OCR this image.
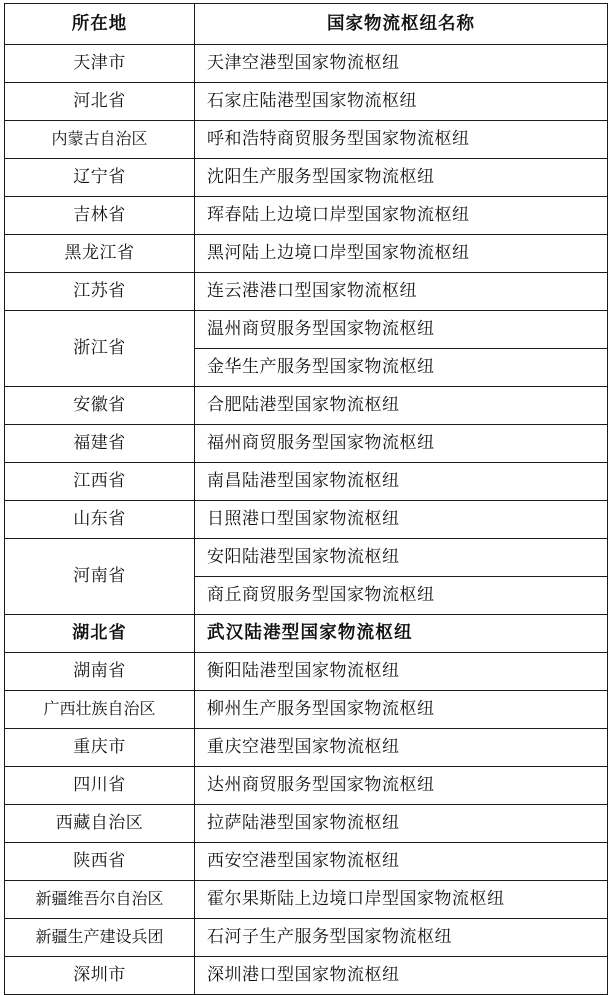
所在地	国家物流枢纽名称
天津市	天津空港型国家物流枢纽
河北省	石家庄陆港型国家物流枢纽
内蒙古自治区	呼和浩特商贸服务型国家物流枢纽
辽宁省	沈阳生产服务型国家物流枢纽
吉林省	珲春陆上边境口岸型国家物流枢纽
黑龙江省	黑河陆上边境口岸型国家物流枢纽
江苏省	连云港港口型国家物流枢纽
浙江省	温州商贸服务型国家物流枢纽
	金华生产服务型国家物流枢纽
安徽省	合肥陆港型国家物流枢纽
福建省	福州商贸服务型国家物流枢纽
江西省	南昌陆港型国家物流枢纽
山东省	日照港口型国家物流枢纽
河南省	安阳陆港型国家物流枢纽
	商丘商贸服务型国家物流枢纽
湖北省	武汉陆港型国家物流枢纽
湖南省	衡阳陆港型国家物流枢纽
广西壮族自治区	柳州生产服务型国家物流枢纽
重庆市	重庆空港型国家物流枢纽
四川省	达州商贸服务型国家物流枢纽
西藏自治区	拉萨陆港型国家物流枢纽
陕西省	西安空港型国家物流枢纽
新疆维吾尔自治区	霍尔果斯陆上边境口岸型国家物流枢纽
新疆生产建设兵团	石河子生产服务型国家物流枢纽
深圳市	深圳港口型国家物流枢纽
